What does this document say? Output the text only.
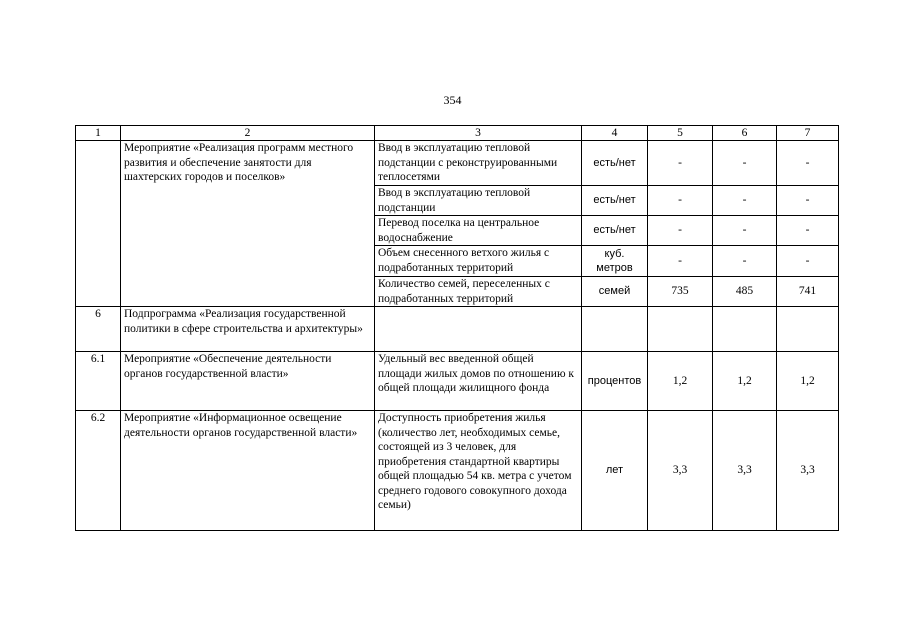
354
1	2	3	4	5	6	7
	Мероприятие «Реализация программ местного развития и обеспечение занятости для шахтерских городов и поселков»	Ввод в эксплуатацию тепловой подстанции с реконструированными теплосетями	есть/нет	-	-	-
		Ввод в эксплуатацию тепловой подстанции	есть/нет	-	-	-
		Перевод поселка на центральное водоснабжение	есть/нет	-	-	-
		Объем снесенного ветхого жилья с подработанных территорий	куб. метров	-	-	-
		Количество семей, переселенных с подработанных территорий	семей	735	485	741
6	Подпрограмма «Реализация государственной политики в сфере строительства и архитектуры»					
6.1	Мероприятие «Обеспечение деятельности органов государственной власти»	Удельный вес введенной общей площади жилых домов по отношению к общей площади жилищного фонда	процентов	1,2	1,2	1,2
6.2	Мероприятие «Информационное освещение деятельности органов государственной власти»	Доступность приобретения жилья (количество лет, необходимых семье, состоящей из 3 человек, для приобретения стандартной квартиры общей площадью 54 кв. метра с учетом среднего годового совокупного дохода семьи)	лет	3,3	3,3	3,3
